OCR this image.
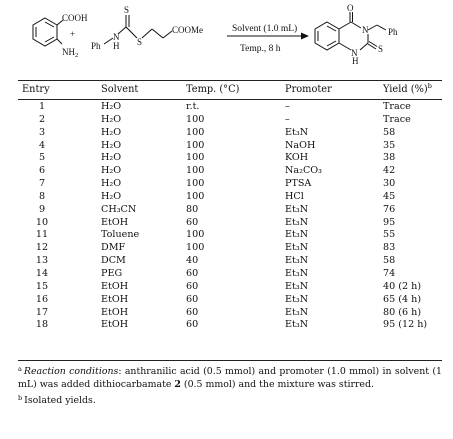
COOH
$NH_2$
+
Ph
N
H
S
S
COOMe	Solvent (1.0 mL)
Temp., 8 h
O
N Ph
N
H
S
Entry	Solvent	Temp. (°C)	Promoter	Yield (%)$^b$
1	H₂O	r.t.	–	Trace
2	H₂O	100	–	Trace
3	H₂O	100	Et₃N	58
4	H₂O	100	NaOH	35
5	H₂O	100	KOH	38
6	H₂O	100	Na₂CO₃	42
7	H₂O	100	PTSA	30
8	H₂O	100	HCl	45
9	CH₃CN	80	Et₃N	76
10	EtOH	60	Et₃N	95
11	Toluene	100	Et₃N	55
12	DMF	100	Et₃N	83
13	DCM	40	Et₃N	58
14	PEG	60	Et₃N	74
15	EtOH	60	Et₃N	40 (2 h)
16	EtOH	60	Et₃N	65 (4 h)
17	EtOH	60	Et₃N	80 (6 h)
18	EtOH	60	Et₃N	95 (12 h)

$^a$ Reaction conditions: anthranilic acid (0.5 mmol) and promoter (1.0 mmol) in solvent (1 mL) was added dithiocarbamate 2 (0.5 mmol) and the mixture was stirred.

$^b$ Isolated yields.
